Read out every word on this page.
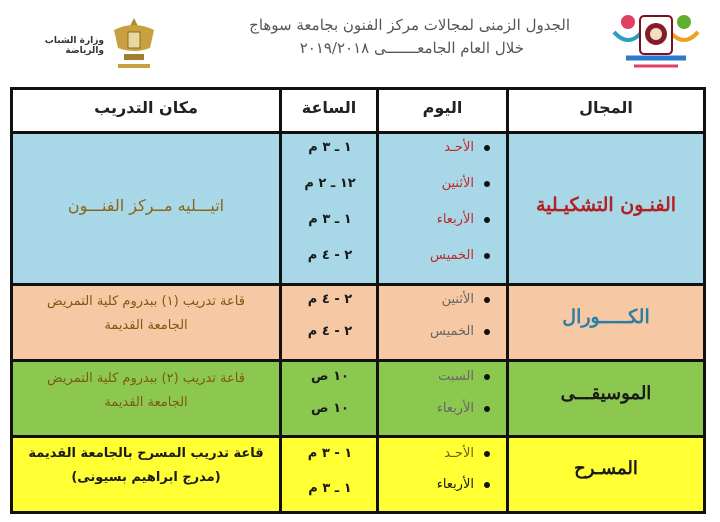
الجدول الزمنى لمجالات مركز الفنون بجامعة سوهاج
خلال العام الجامعـــــــى ٢٠١٩/٢٠١٨
وزارة الشباب والرياضة
المجال
اليوم
الساعة
مكان التدريب
الفنـون التشكيـلية
الأحـد
الأثنين
الأربعاء
الخميس
١ ـ ٣ م
١٢ ـ ٢ م
١ ـ ٣ م
٢ - ٤ م
اتيـــليه مــركز الفنـــون
الكـــــورال
الأثنين
الخميس
٢ - ٤ م
٢ - ٤ م
قاعة تدريب (١) ببدروم كلية التمريض
الجامعة القديمة
الموسيقـــى
السبت
الأربعاء
١٠ ص
١٠ ص
قاعة تدريب (٢) ببدروم كلية التمريض
الجامعة القديمة
المسـرح
الأحـد
الأربعاء
١ - ٣ م
١ ـ ٣ م
قاعة تدريب المسرح بالجامعة القديمة
(مدرج ابراهيم بسيونى)
